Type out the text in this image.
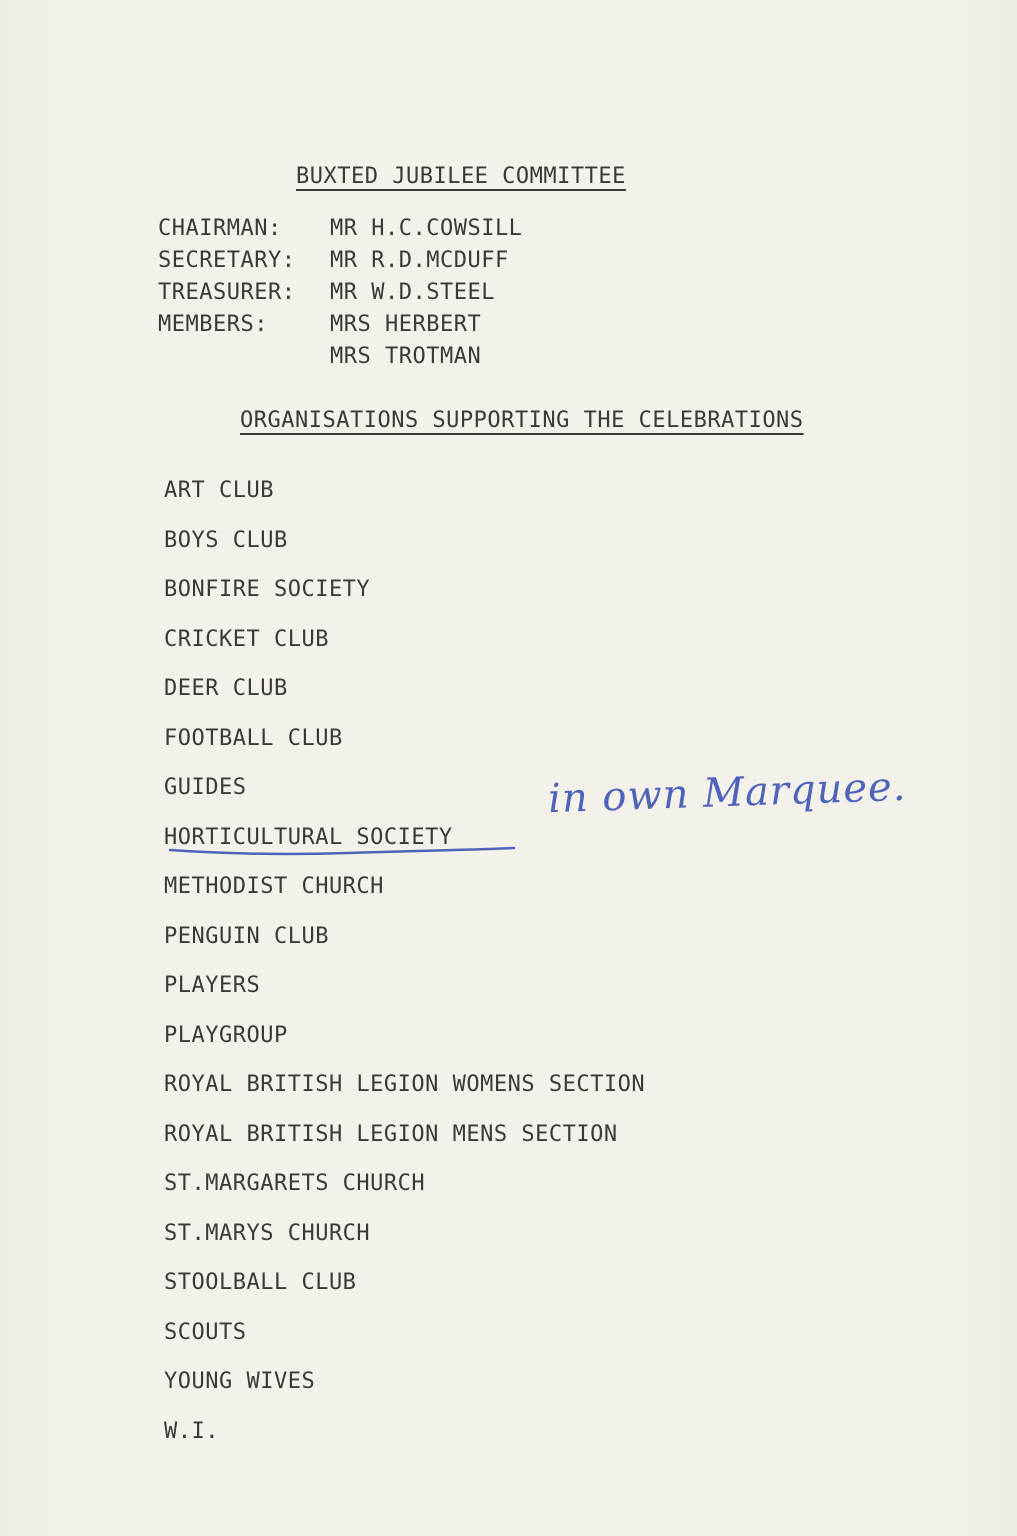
BUXTED JUBILEE COMMITTEE
CHAIRMAN:	MR H.C.COWSILL
SECRETARY:	MR R.D.MCDUFF
TREASURER:	MR W.D.STEEL
MEMBERS:	MRS HERBERT
MRS TROTMAN
ORGANISATIONS SUPPORTING THE CELEBRATIONS
ART CLUB
BOYS CLUB
BONFIRE SOCIETY
CRICKET CLUB
DEER CLUB
FOOTBALL CLUB
GUIDES
HORTICULTURAL SOCIETY
METHODIST CHURCH
PENGUIN CLUB
PLAYERS
PLAYGROUP
ROYAL BRITISH LEGION WOMENS SECTION
ROYAL BRITISH LEGION MENS SECTION
ST.MARGARETS CHURCH
ST.MARYS CHURCH
STOOLBALL CLUB
SCOUTS
YOUNG WIVES
W.I.
in own Marquee.
